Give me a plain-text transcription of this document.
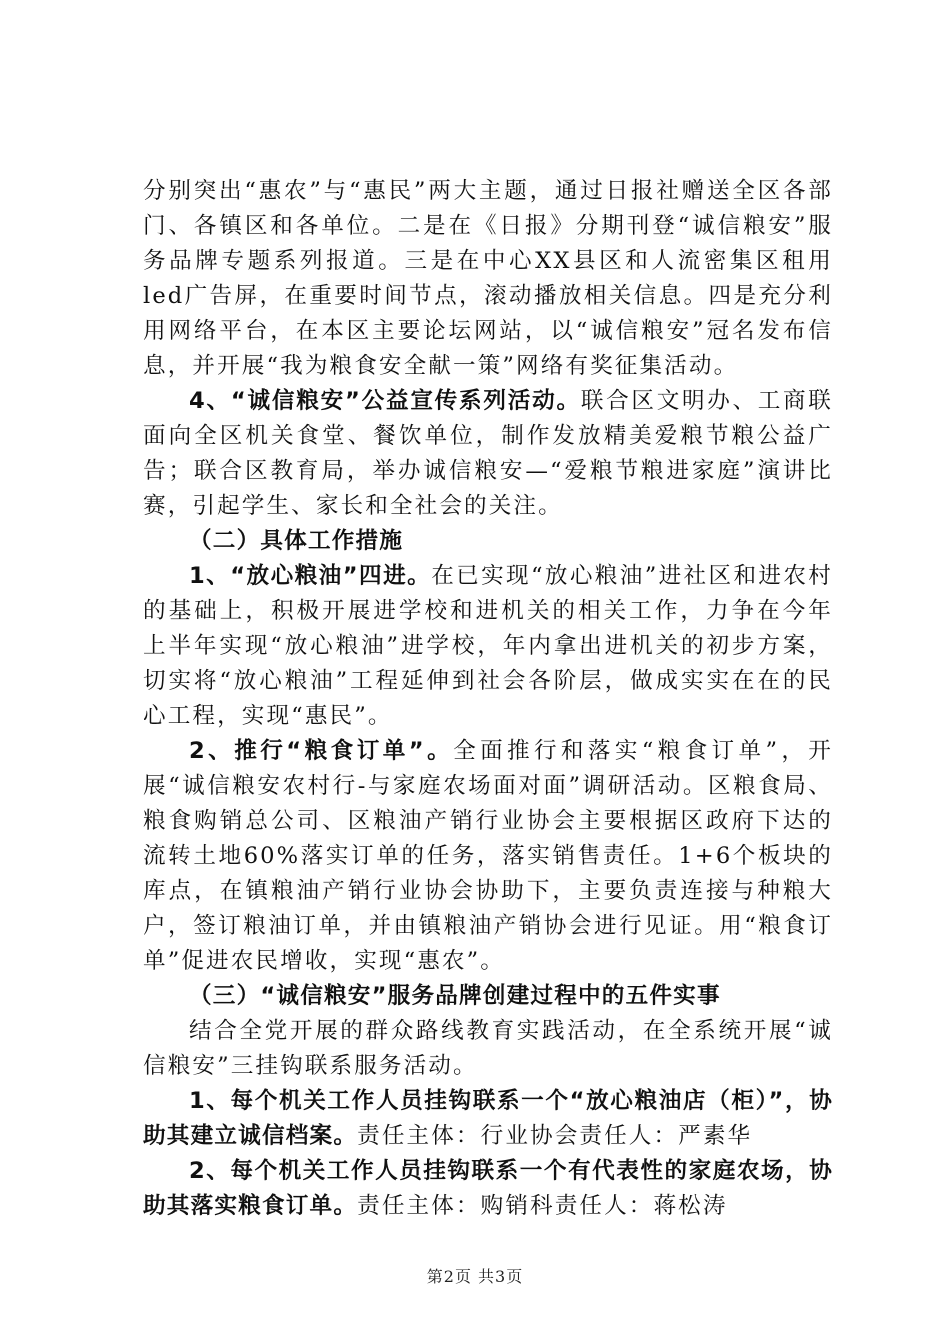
分别突出“惠农”与“惠民”两大主题，通过日报社赠送全区各部门、各镇区和各单位。二是在《日报》分期刊登“诚信粮安”服务品牌专题系列报道。三是在中心XX县区和人流密集区租用led广告屏，在重要时间节点，滚动播放相关信息。四是充分利用网络平台，在本区主要论坛网站，以“诚信粮安”冠名发布信息，并开展“我为粮食安全献一策”网络有奖征集活动。

4、“诚信粮安”公益宣传系列活动。联合区文明办、工商联面向全区机关食堂、餐饮单位，制作发放精美爱粮节粮公益广告；联合区教育局，举办诚信粮安—“爱粮节粮进家庭”演讲比赛，引起学生、家长和全社会的关注。

（二）具体工作措施

1、“放心粮油”四进。在已实现“放心粮油”进社区和进农村的基础上，积极开展进学校和进机关的相关工作，力争在今年上半年实现“放心粮油”进学校，年内拿出进机关的初步方案，切实将“放心粮油”工程延伸到社会各阶层，做成实实在在的民心工程，实现“惠民”。

2、推行“粮食订单”。全面推行和落实“粮食订单”，开展“诚信粮安农村行-与家庭农场面对面”调研活动。区粮食局、粮食购销总公司、区粮油产销行业协会主要根据区政府下达的流转土地60%落实订单的任务，落实销售责任。1+6个板块的库点，在镇粮油产销行业协会协助下，主要负责连接与种粮大户，签订粮油订单，并由镇粮油产销协会进行见证。用“粮食订单”促进农民增收，实现“惠农”。

（三）“诚信粮安”服务品牌创建过程中的五件实事

结合全党开展的群众路线教育实践活动，在全系统开展“诚信粮安”三挂钩联系服务活动。

1、每个机关工作人员挂钩联系一个“放心粮油店（柜）”，协助其建立诚信档案。责任主体：行业协会责任人：严素华

2、每个机关工作人员挂钩联系一个有代表性的家庭农场，协助其落实粮食订单。责任主体：购销科责任人：蒋松涛

第2页 共3页
